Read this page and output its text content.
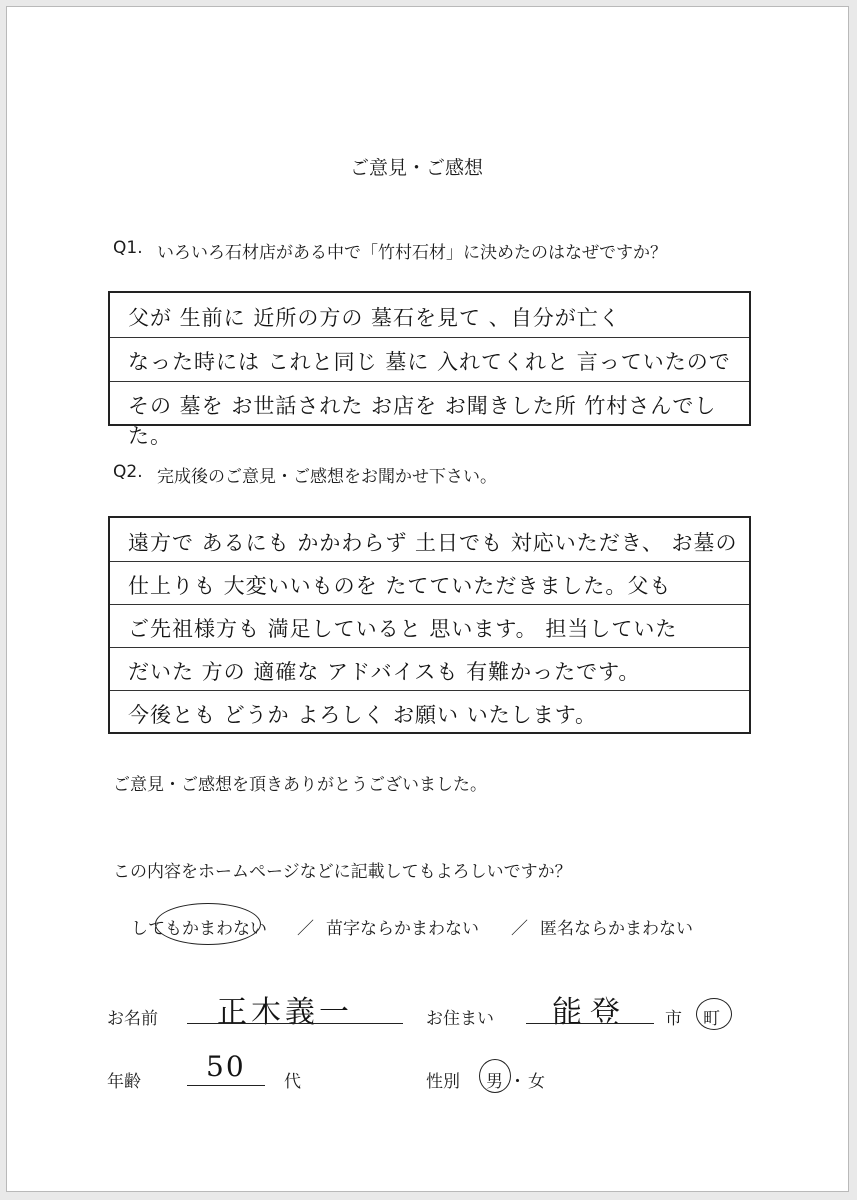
ご意見・ご感想
Q1. いろいろ石材店がある中で「竹村石材」に決めたのはなぜですか？
父が 生前に 近所の方の 墓石を見て 、自分が亡く
なった時には これと同じ 墓に 入れてくれと 言っていたので
その 墓を お世話された お店を お聞きした所 竹村さんでした。
Q2. 完成後のご意見・ご感想をお聞かせ下さい。
遠方で あるにも かかわらず 土日でも 対応いただき、 お墓の
仕上りも 大変いいものを たてていただきました。父も
ご先祖様方も 満足していると 思います。 担当していた
だいた 方の 適確な アドバイスも 有難かったです。
今後とも どうか よろしく お願い いたします。
ご意見・ご感想を頂きありがとうございました。
この内容をホームページなどに記載してもよろしいですか？
してもかまわない ／ 苗字ならかまわない ／ 匿名ならかまわない
お名前 正木義一	お住まい 能登 市 町
年齢 50 代	性別 男 ・ 女
